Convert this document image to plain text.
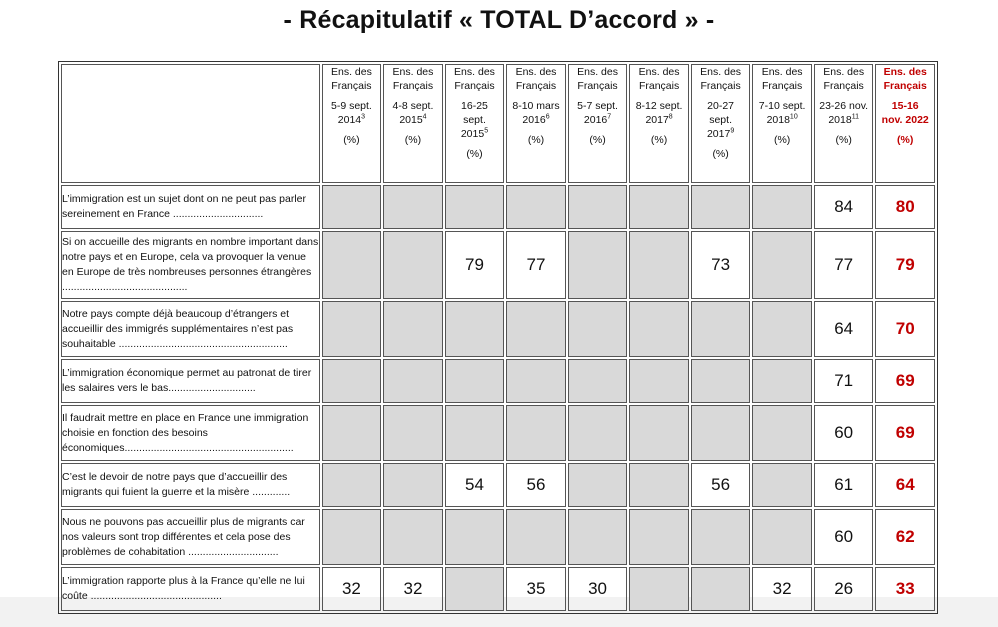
- Récapitulatif « TOTAL D’accord » -

	Ens. des Français
5-9 sept. 2014$^3$
(%)	Ens. des Français
4-8 sept. 2015$^4$
(%)	Ens. des Français
16-25 sept. 2015$^5$
(%)	Ens. des Français
8-10 mars 2016$^6$
(%)	Ens. des Français
5-7 sept. 2016$^7$
(%)	Ens. des Français
8-12 sept. 2017$^8$
(%)	Ens. des Français
20-27 sept. 2017$^9$
(%)	Ens. des Français
7-10 sept. 2018$^{10}$
(%)	Ens. des Français
23-26 nov. 2018$^{11}$
(%)	Ens. des Français
15-16 nov. 2022
(%)

L’immigration est un sujet dont on ne peut pas parler sereinement en France ...............................									84	80
Si on accueille des migrants en nombre important dans notre pays et en Europe, cela va provoquer la venue en Europe de très nombreuses personnes étrangères ...........................................			79	77			73		77	79
Notre pays compte déjà beaucoup d’étrangers et accueillir des immigrés supplémentaires n’est pas souhaitable ..........................................................									64	70
L’immigration économique permet au patronat de tirer les salaires vers le bas..............................									71	69
Il faudrait mettre en place en France une immigration choisie en fonction des besoins économiques..........................................................									60	69
C’est le devoir de notre pays que d’accueillir des migrants qui fuient la guerre et la misère .............			54	56			56		61	64
Nous ne pouvons pas accueillir plus de migrants car nos valeurs sont trop différentes et cela pose des problèmes de cohabitation ...............................									60	62
L’immigration rapporte plus à la France qu’elle ne lui coûte .............................................	32	32		35	30			32	26	33
